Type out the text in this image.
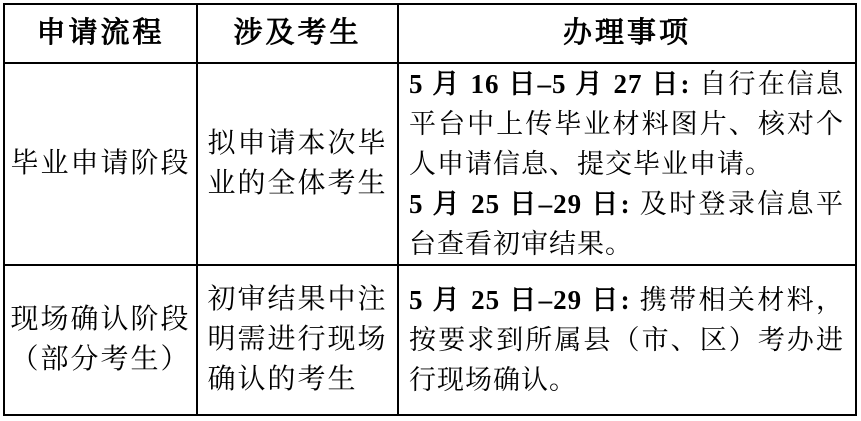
申请流程 涉及考生	办理事项
毕业申请阶段
拟申请本次毕
业的全体考生

5 月 16 日–5 月 27 日: 自行在信息平台中上传毕业材料图片、核对个人申请信息、提交毕业申请。

5 月 25 日–29 日: 及时登录信息平台查看初审结果。

现场确认阶段
（部分考生）
初审结果中注
明需进行现场
确认的考生

5 月 25 日–29 日: 携带相关材料，按要求到所属县（市、区）考办进行现场确认。
